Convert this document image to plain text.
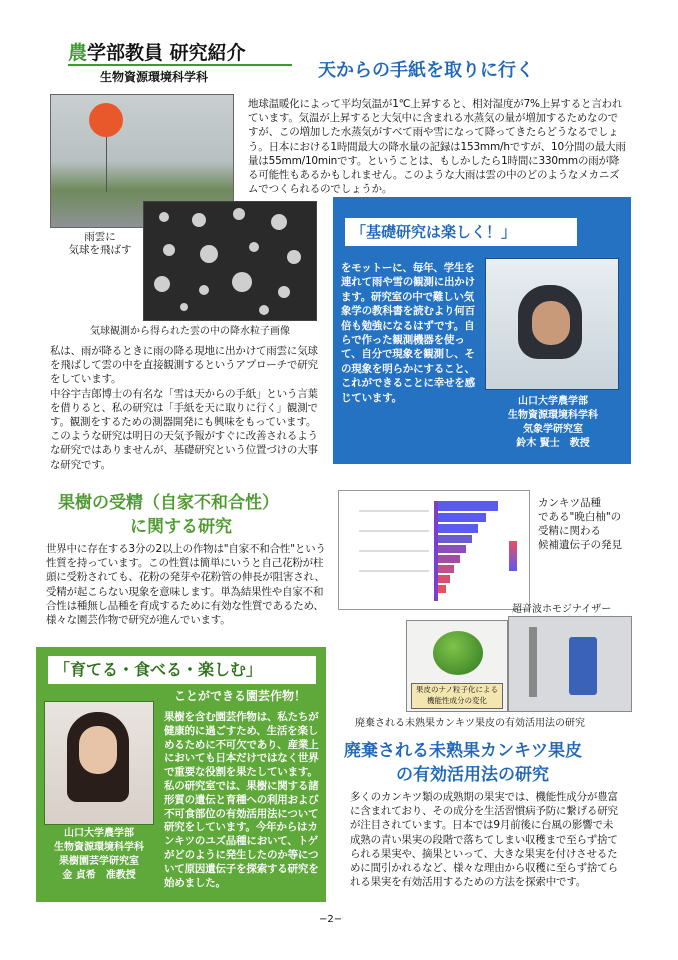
農学部教員 研究紹介
生物資源環境科学科	天からの手紙を取りに行く
雨雲に
気球を飛ばす
地球温暖化によって平均気温が1℃上昇すると、相対湿度が7%上昇すると言われています。気温が上昇すると大気中に含まれる水蒸気の量が増加するためなのですが、この増加した水蒸気がすべて雨や雪になって降ってきたらどうなるでしょう。日本における1時間最大の降水量の記録は153mm/hですが、10分間の最大雨量は55mm/10minです。ということは、もしかしたら1時間に330mmの雨が降る可能性もあるかもしれません。このような大雨は雲の中のどのようなメカニズムでつくられるのでしょうか。
気球観測から得られた雲の中の降水粒子画像
私は、雨が降るときに雨の降る現地に出かけて雨雲に気球を飛ばして雲の中を直接観測するというアプローチで研究をしています。
中谷宇吉郎博士の有名な「雪は天からの手紙」という言葉を借りると、私の研究は「手紙を天に取りに行く」観測です。観測をするための測器開発にも興味をもっています。このような研究は明日の天気予報がすぐに改善されるような研究ではありませんが、基礎研究という位置づけの大事な研究です。
「基礎研究は楽しく！」
をモットーに、毎年、学生を連れて雨や雪の観測に出かけます。研究室の中で難しい気象学の教科書を読むより何百倍も勉強になるはずです。自らで作った観測機器を使って、自分で現象を観測し、その現象を明らかにすること、これができることに幸せを感じています。	山口大学農学部
生物資源環境科学科
気象学研究室
鈴木 賢士　教授
果樹の受精（自家不和合性）
に関する研究
世界中に存在する3分の2以上の作物は"自家不和合性"という性質を持っています。この性質は簡単にいうと自己花粉が柱頭に受粉されても、花粉の発芽や花粉管の伸長が阻害され、受精が起こらない現象を意味します。単為結果性や自家不和合性は種無し品種を育成するために有効な性質であるため、様々な園芸作物で研究が進んでいます。
カンキツ品種
である"晩白柚"の
受精に関わる
候補遺伝子の発見
超音波ホモジナイザー
果皮のナノ粒子化による
機能性成分の変化
廃棄される未熟果カンキツ果皮の有効活用法の研究
「育てる・食べる・楽しむ」
ことができる園芸作物！
山口大学農学部
生物資源環境科学科
果樹園芸学研究室
金 貞希　准教授
果樹を含む園芸作物は、私たちが健康的に過ごすため、生活を楽しめるために不可欠であり、産業上においても日本だけではなく世界で重要な役割を果たしています。
私の研究室では、果樹に関する諸形質の遺伝と育種への利用および不可食部位の有効活用法について研究をしています。今年からはカンキツのユズ品種において、トゲがどのように発生したのか等について原因遺伝子を探索する研究を始めました。
廃棄される未熟果カンキツ果皮
の有効活用法の研究
多くのカンキツ類の成熟期の果実では、機能性成分が豊富に含まれており、その成分を生活習慣病予防に繋げる研究が注目されています。日本では9月前後に台風の影響で未成熟の青い果実の段階で落ちてしまい収穫まで至らず捨てられる果実や、摘果といって、大きな果実を付けさせるために間引かれるなど、様々な理由から収穫に至らず捨てられる果実を有効活用するための方法を探索中です。
−2−
